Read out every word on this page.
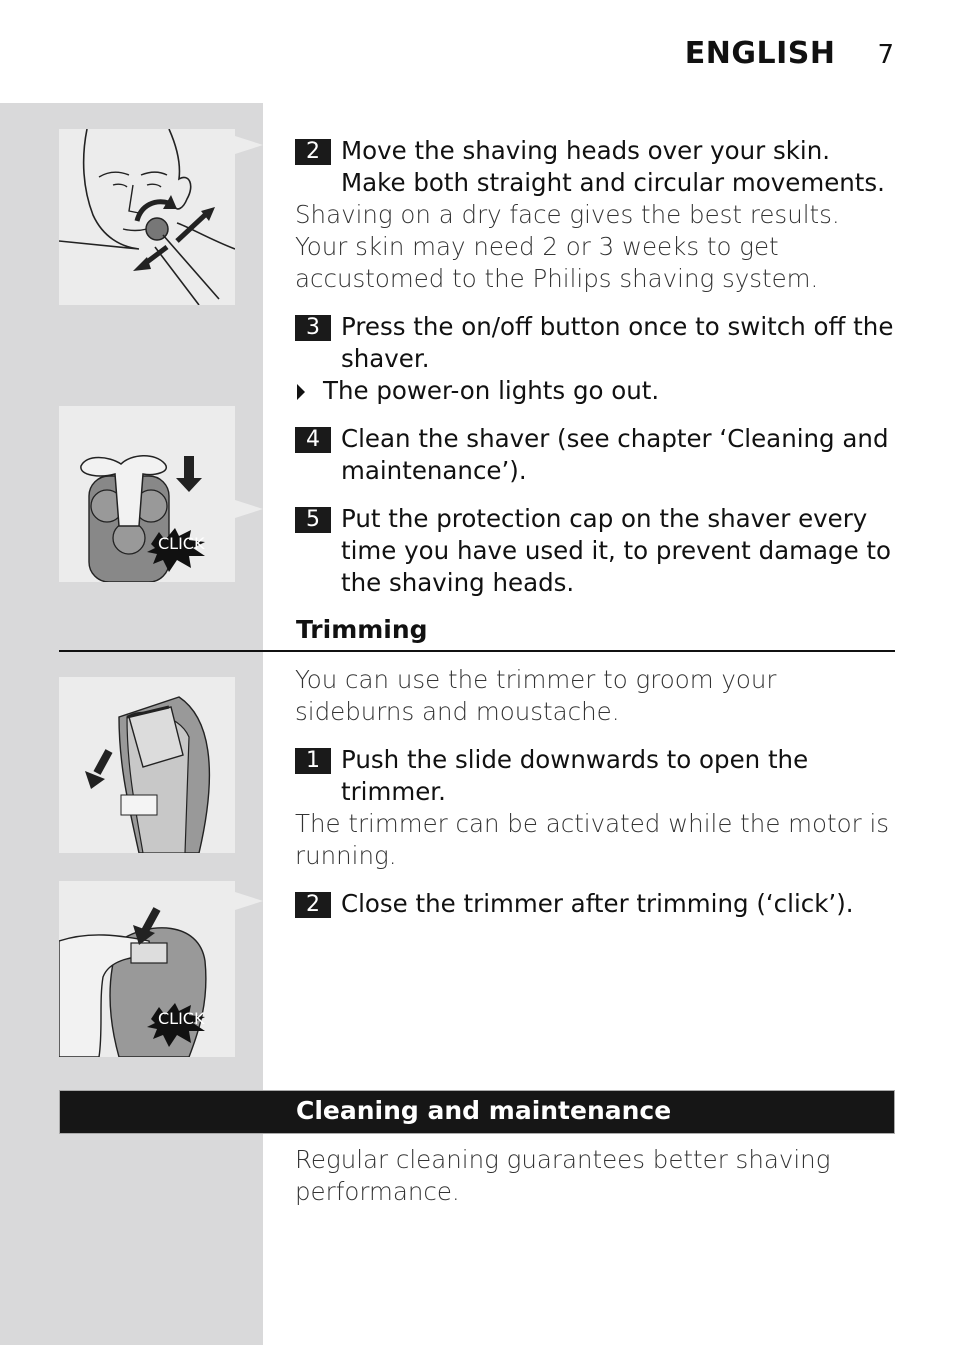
ENGLISH 7
CLICK
CLICK
2 Move the shaving heads over your skin. Make both straight and circular movements.
Shaving on a dry face gives the best results.
Your skin may need 2 or 3 weeks to get accustomed to the Philips shaving system.
3 Press the on/off button once to switch off the shaver.
The power-on lights go out.
4 Clean the shaver (see chapter ‘Cleaning and maintenance’).
5 Put the protection cap on the shaver every time you have used it, to prevent damage to the shaving heads.
Trimming
You can use the trimmer to groom your sideburns and moustache.
1 Push the slide downwards to open the trimmer.
The trimmer can be activated while the motor is running.
2 Close the trimmer after trimming (‘click’).
Cleaning and maintenance
Regular cleaning guarantees better shaving performance.
